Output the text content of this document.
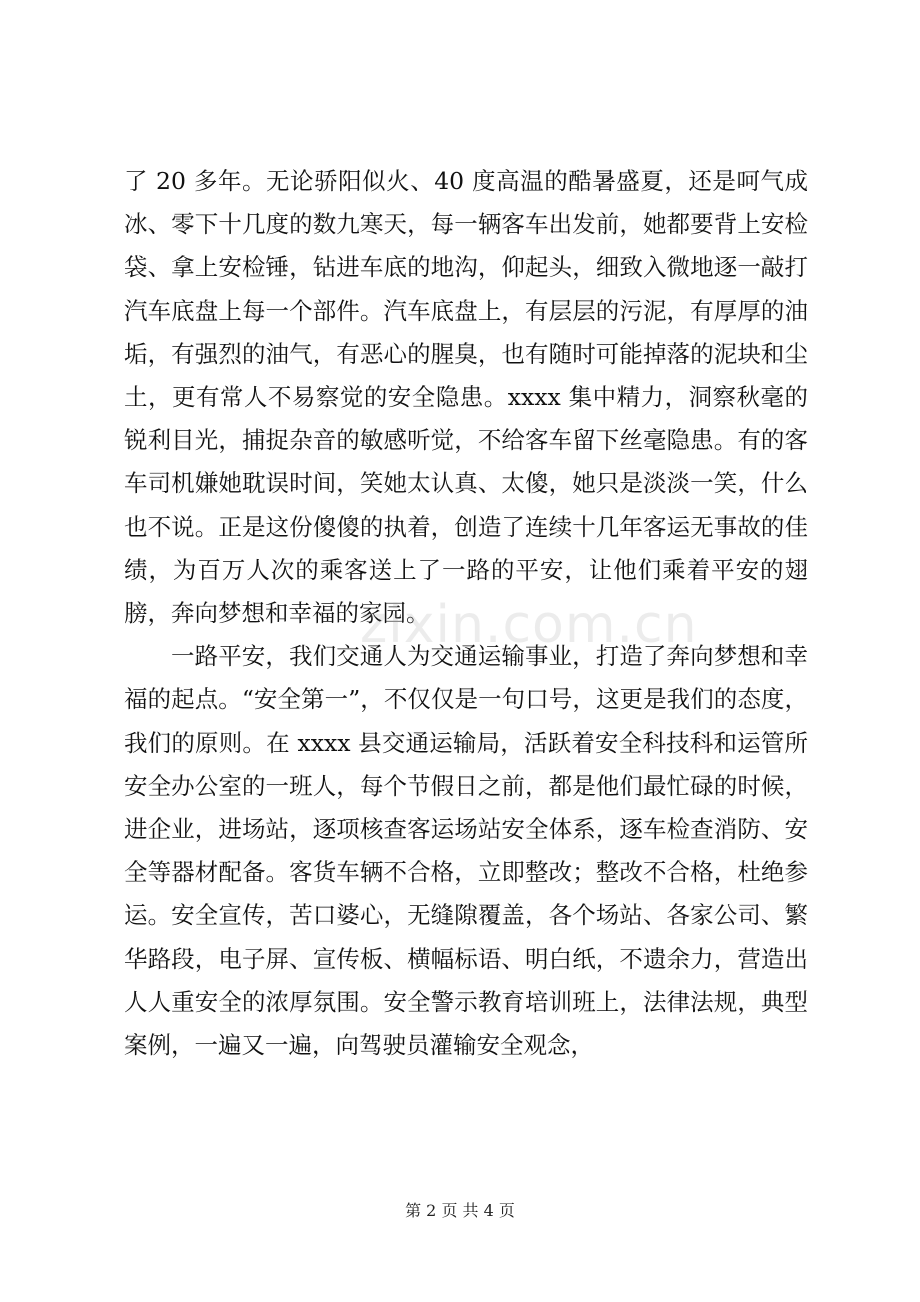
了 20 多年。无论骄阳似火、40 度高温的酷暑盛夏，还是呵气成冰、零下十几度的数九寒天，每一辆客车出发前，她都要背上安检袋、拿上安检锤，钻进车底的地沟，仰起头，细致入微地逐一敲打汽车底盘上每一个部件。汽车底盘上，有层层的污泥，有厚厚的油垢，有强烈的油气，有恶心的腥臭，也有随时可能掉落的泥块和尘土，更有常人不易察觉的安全隐患。xxxx 集中精力，洞察秋毫的锐利目光，捕捉杂音的敏感听觉，不给客车留下丝毫隐患。有的客车司机嫌她耽误时间，笑她太认真、太傻，她只是淡淡一笑，什么也不说。正是这份傻傻的执着，创造了连续十几年客运无事故的佳绩，为百万人次的乘客送上了一路的平安，让他们乘着平安的翅膀，奔向梦想和幸福的家园。

一路平安，我们交通人为交通运输事业，打造了奔向梦想和幸福的起点。“安全第一”，不仅仅是一句口号，这更是我们的态度，我们的原则。在 xxxx 县交通运输局，活跃着安全科技科和运管所安全办公室的一班人，每个节假日之前，都是他们最忙碌的时候，进企业，进场站，逐项核查客运场站安全体系，逐车检查消防、安全等器材配备。客货车辆不合格，立即整改；整改不合格，杜绝参运。安全宣传，苦口婆心，无缝隙覆盖，各个场站、各家公司、繁华路段，电子屏、宣传板、横幅标语、明白纸，不遗余力，营造出人人重安全的浓厚氛围。安全警示教育培训班上，法律法规，典型案例，一遍又一遍，向驾驶员灌输安全观念，

zixin.com.cn
第 2 页 共 4 页
